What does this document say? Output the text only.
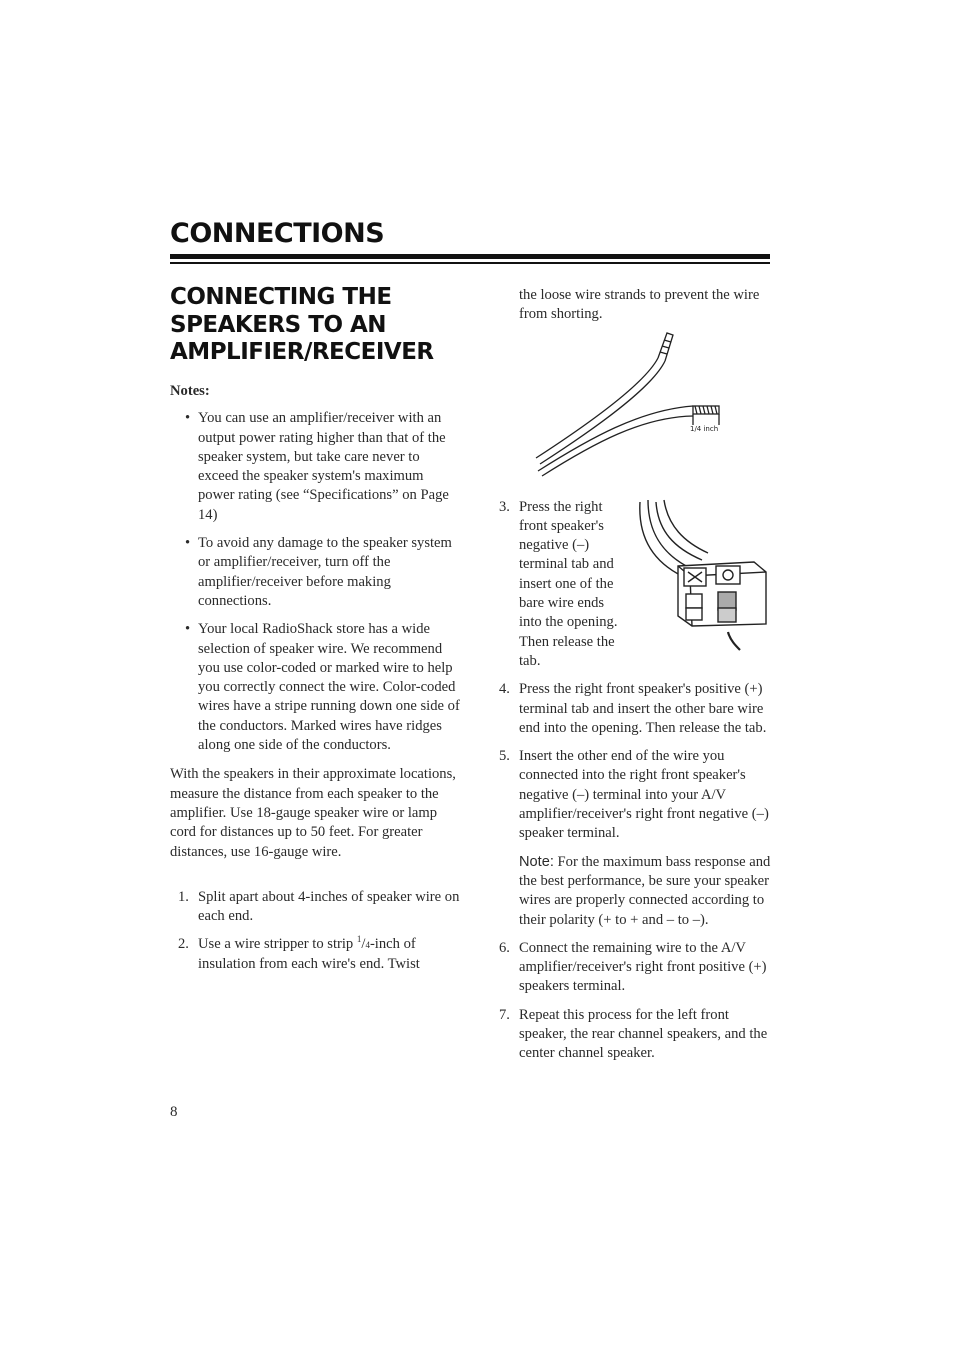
CONNECTIONS
CONNECTING THE
SPEAKERS TO AN
AMPLIFIER/RECEIVER

Notes:

• You can use an amplifier/receiver with an output power rating higher than that of the speaker system, but take care never to exceed the speaker system's maximum power rating (see “Specifications” on Page 14)
• To avoid any damage to the speaker system or amplifier/receiver, turn off the amplifier/receiver before making connections.
• Your local RadioShack store has a wide selection of speaker wire. We recommend you use color-coded or marked wire to help you correctly connect the wire. Color-coded wires have a stripe running down one side of the conductors. Marked wires have ridges along one side of the conductors.

With the speakers in their approximate locations, measure the distance from each speaker to the amplifier. Use 18-gauge speaker wire or lamp cord for distances up to 50 feet. For greater distances, use 16-gauge wire.

1. Split apart about 4-inches of speaker wire on each end.
2. Use a wire stripper to strip $^1$/4-inch of insulation from each wire's end. Twist
the loose wire strands to prevent the wire from shorting.
3. Press the right front speaker's negative (–) terminal tab and insert one of the bare wire ends into the opening. Then release the tab.
4. Press the right front speaker's positive (+) terminal tab and insert the other bare wire end into the opening. Then release the tab.
5. Insert the other end of the wire you connected into the right front speaker's negative (–) terminal into your A/V amplifier/receiver's right front negative (–) speaker terminal.

Note: For the maximum bass response and the best performance, be sure your speaker wires are properly connected according to their polarity (+ to + and – to –).

6. Connect the remaining wire to the A/V amplifier/receiver's right front positive (+) speakers terminal.
7. Repeat this process for the left front speaker, the rear channel speakers, and the center channel speaker.
1/4 inch
8
